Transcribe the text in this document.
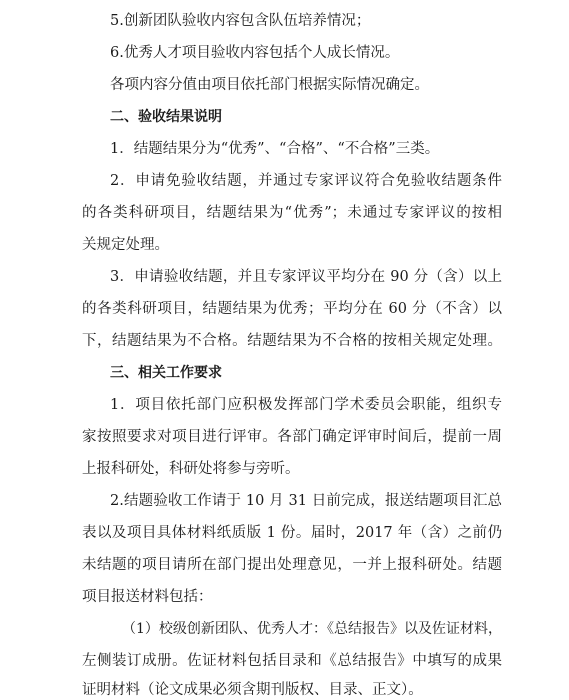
5.创新团队验收内容包含队伍培养情况；
6.优秀人才项目验收内容包括个人成长情况。
各项内容分值由项目依托部门根据实际情况确定。
二、验收结果说明
1．结题结果分为“优秀”、“合格”、“不合格”三类。
2．申请免验收结题，并通过专家评议符合免验收结题条件
的各类科研项目，结题结果为“优秀”；未通过专家评议的按相
关规定处理。
3．申请验收结题，并且专家评议平均分在 90 分（含）以上
的各类科研项目，结题结果为优秀；平均分在 60 分（不含）以
下，结题结果为不合格。结题结果为不合格的按相关规定处理。
三、相关工作要求
1．项目依托部门应积极发挥部门学术委员会职能，组织专
家按照要求对项目进行评审。各部门确定评审时间后，提前一周
上报科研处，科研处将参与旁听。
2.结题验收工作请于 10 月 31 日前完成，报送结题项目汇总
表以及项目具体材料纸质版 1 份。届时，2017 年（含）之前仍
未结题的项目请所在部门提出处理意见，一并上报科研处。结题
项目报送材料包括：
（1）校级创新团队、优秀人才：《总结报告》以及佐证材料，
左侧装订成册。佐证材料包括目录和《总结报告》中填写的成果
证明材料（论文成果必须含期刊版权、目录、正文）。
